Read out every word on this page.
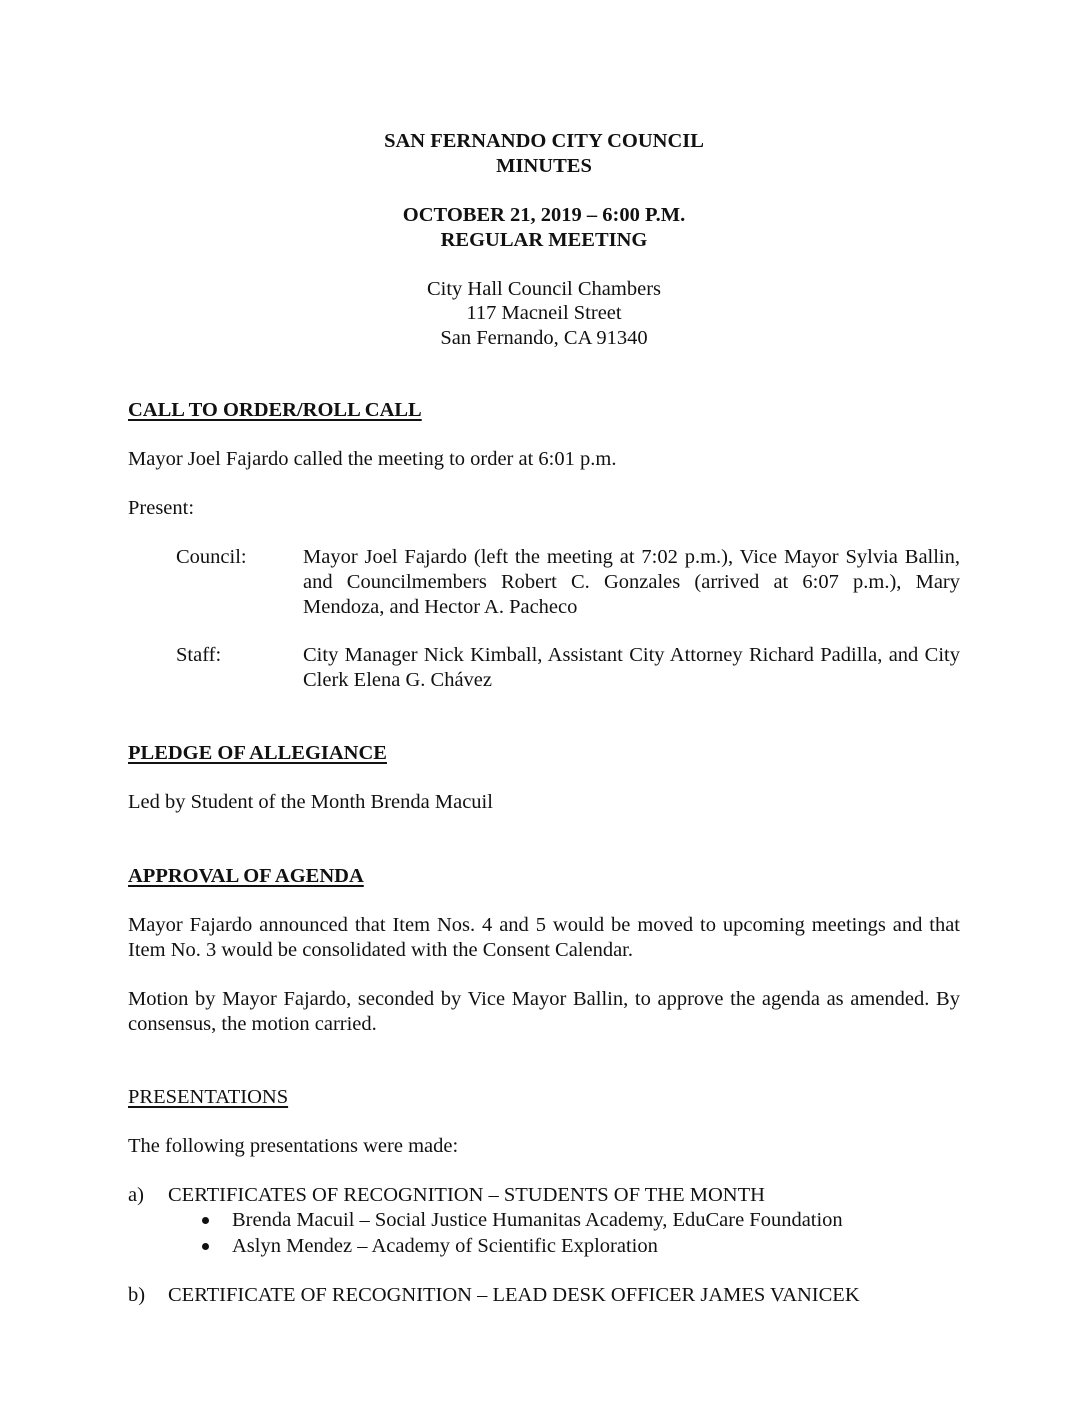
SAN FERNANDO CITY COUNCIL
MINUTES
OCTOBER 21, 2019 – 6:00 P.M.
REGULAR MEETING
City Hall Council Chambers
117 Macneil Street
San Fernando, CA 91340
CALL TO ORDER/ROLL CALL
Mayor Joel Fajardo called the meeting to order at 6:01 p.m.
Present:
Council:	Mayor Joel Fajardo (left the meeting at 7:02 p.m.), Vice Mayor Sylvia Ballin, and Councilmembers Robert C. Gonzales (arrived at 6:07 p.m.), Mary Mendoza, and Hector A. Pacheco
Staff:	City Manager Nick Kimball, Assistant City Attorney Richard Padilla, and City Clerk Elena G. Chávez
PLEDGE OF ALLEGIANCE
Led by Student of the Month Brenda Macuil
APPROVAL OF AGENDA
Mayor Fajardo announced that Item Nos. 4 and 5 would be moved to upcoming meetings and that Item No. 3 would be consolidated with the Consent Calendar.
Motion by Mayor Fajardo, seconded by Vice Mayor Ballin, to approve the agenda as amended. By consensus, the motion carried.
PRESENTATIONS
The following presentations were made:
a) CERTIFICATES OF RECOGNITION – STUDENTS OF THE MONTH
Brenda Macuil – Social Justice Humanitas Academy, EduCare Foundation
Aslyn Mendez – Academy of Scientific Exploration
b) CERTIFICATE OF RECOGNITION – LEAD DESK OFFICER JAMES VANICEK
